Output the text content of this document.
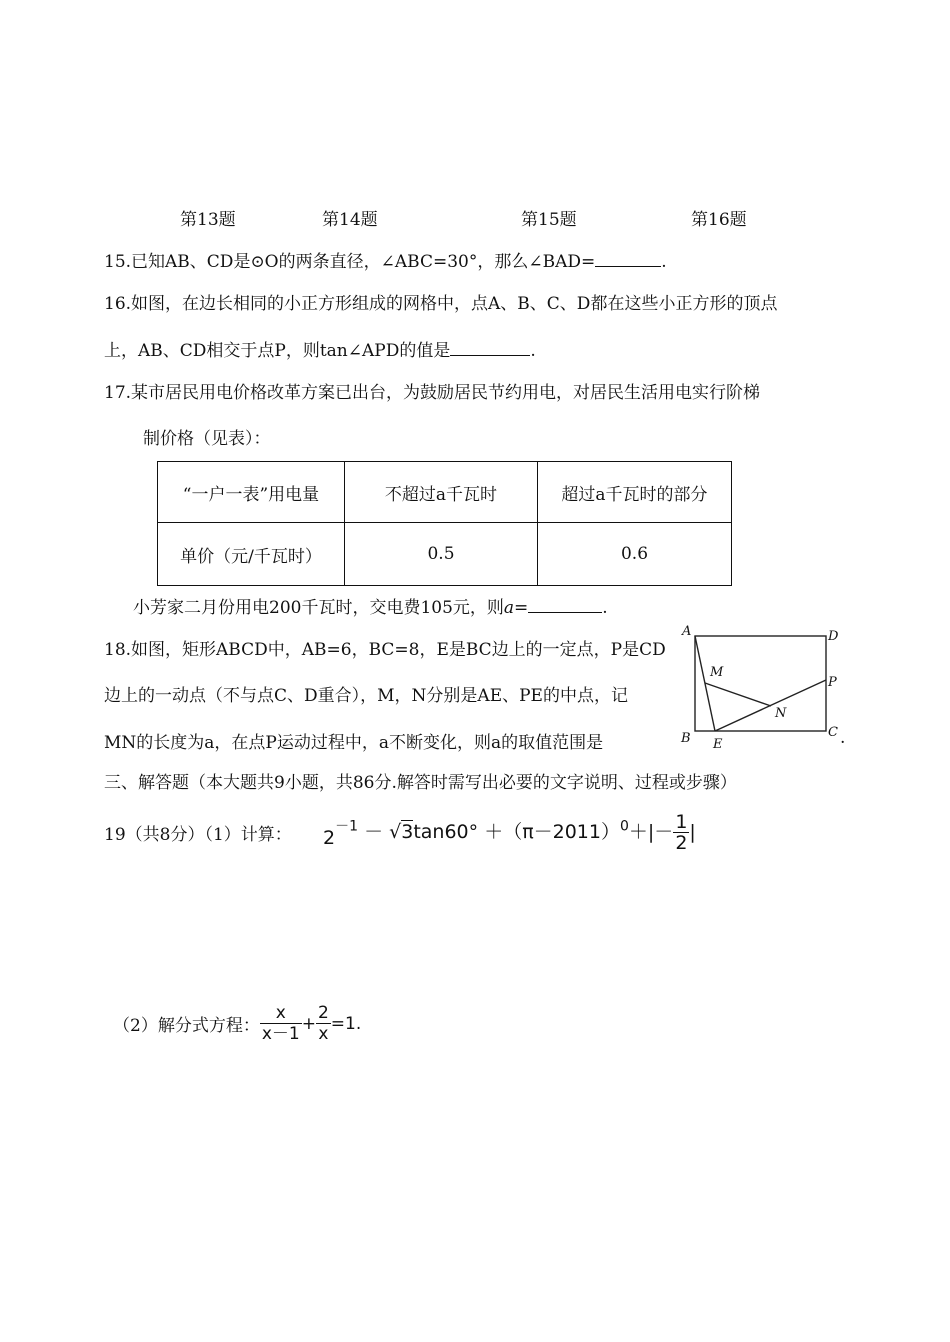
第13题	第14题	第15题	第16题
15.已知AB、CD是⊙O的两条直径，∠ABC=30°，那么∠BAD=	.
16.如图，在边长相同的小正方形组成的网格中，点A、B、C、D都在这些小正方形的顶点
上，AB、CD相交于点P，则tan∠APD的值是	.
17.某市居民用电价格改革方案已出台，为鼓励居民节约用电，对居民生活用电实行阶梯
制价格（见表）：
“一户一表”用电量	不超过a千瓦时	超过a千瓦时的部分
单价（元/千瓦时）	0.5	0.6
小芳家二月份用电200千瓦时，交电费105元，则a=	.
18.如图，矩形ABCD中，AB=6，BC=8，E是BC边上的一定点，P是CD
边上的一动点（不与点C、D重合），M，N分别是AE、PE的中点，记
MN的长度为a，在点P运动过程中，a不断变化，则a的取值范围是	.
A	D
B	C
E
M
N
P
三、解答题（本大题共9小题，共86分.解答时需写出必要的文字说明、过程或步骤）
19（共8分）（1）计算： $2^{-1} - √3\tan 60^\circ +(\pi-2011)^0+|- \frac{1}{2}$ |
（2）解分式方程： $\frac{x}{x-1} + \frac{2}{x} =1$.
